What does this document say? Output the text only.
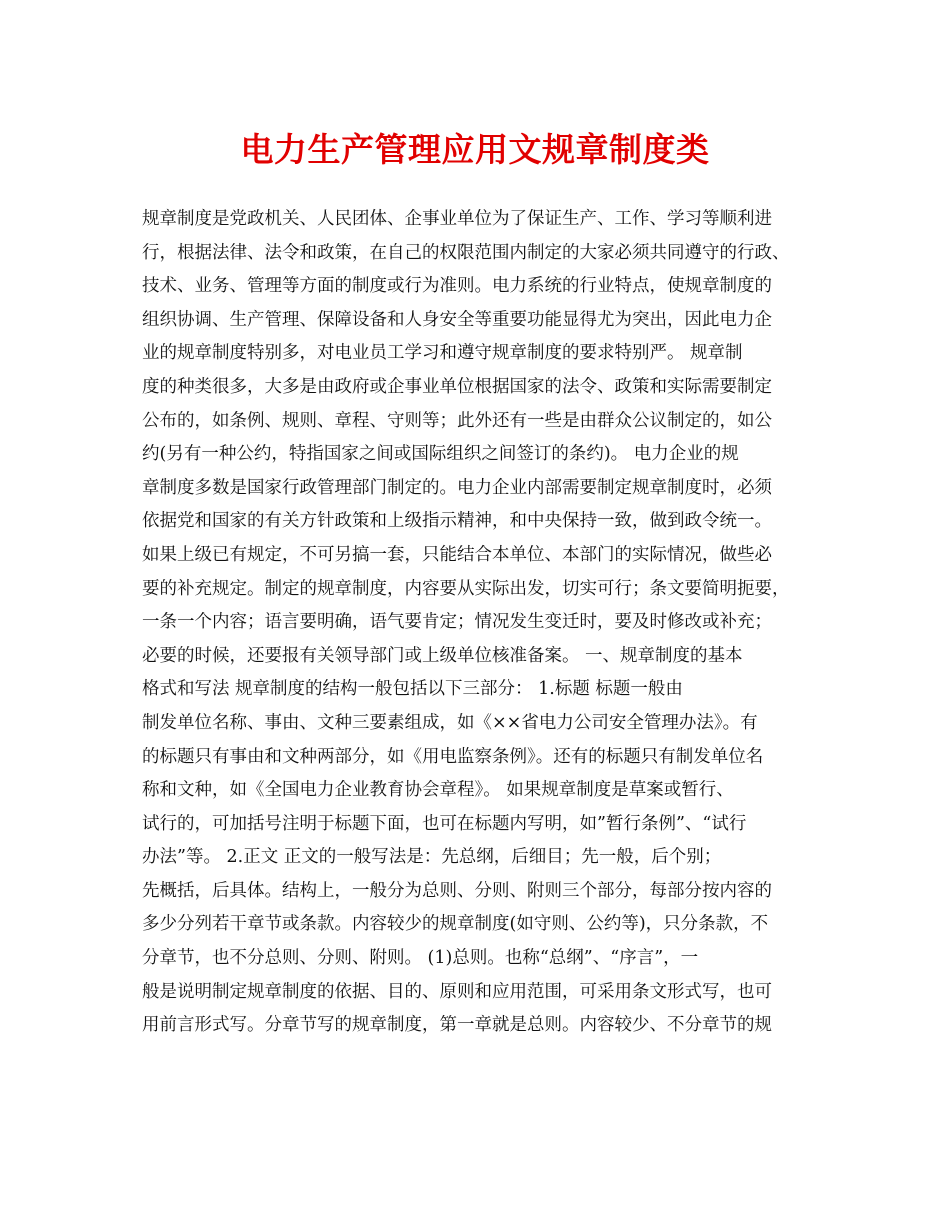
电力生产管理应用文规章制度类
规章制度是党政机关、人民团体、企事业单位为了保证生产、工作、学习等顺利进
行，根据法律、法令和政策，在自己的权限范围内制定的大家必须共同遵守的行政、
技术、业务、管理等方面的制度或行为准则。电力系统的行业特点，使规章制度的
组织协调、生产管理、保障设备和人身安全等重要功能显得尤为突出，因此电力企
业的规章制度特别多，对电业员工学习和遵守规章制度的要求特别严。 规章制
度的种类很多，大多是由政府或企事业单位根据国家的法令、政策和实际需要制定
公布的，如条例、规则、章程、守则等；此外还有一些是由群众公议制定的，如公
约(另有一种公约，特指国家之间或国际组织之间签订的条约)。 电力企业的规
章制度多数是国家行政管理部门制定的。电力企业内部需要制定规章制度时，必须
依据党和国家的有关方针政策和上级指示精神，和中央保持一致，做到政令统一。
如果上级已有规定，不可另搞一套，只能结合本单位、本部门的实际情况，做些必
要的补充规定。制定的规章制度，内容要从实际出发，切实可行；条文要简明扼要，
一条一个内容；语言要明确，语气要肯定；情况发生变迁时，要及时修改或补充；
必要的时候，还要报有关领导部门或上级单位核准备案。 一、规章制度的基本
格式和写法 规章制度的结构一般包括以下三部分： 1.标题 标题一般由
制发单位名称、事由、文种三要素组成，如《××省电力公司安全管理办法》。有
的标题只有事由和文种两部分，如《用电监察条例》。还有的标题只有制发单位名
称和文种，如《全国电力企业教育协会章程》。 如果规章制度是草案或暂行、
试行的，可加括号注明于标题下面，也可在标题内写明，如”暂行条例”、“试行
办法”等。 2.正文 正文的一般写法是：先总纲，后细目；先一般，后个别；
先概括，后具体。结构上，一般分为总则、分则、附则三个部分，每部分按内容的
多少分列若干章节或条款。内容较少的规章制度(如守则、公约等)，只分条款，不
分章节，也不分总则、分则、附则。 (1)总则。也称“总纲”、“序言”，一
般是说明制定规章制度的依据、目的、原则和应用范围，可采用条文形式写，也可
用前言形式写。分章节写的规章制度，第一章就是总则。内容较少、不分章节的规
